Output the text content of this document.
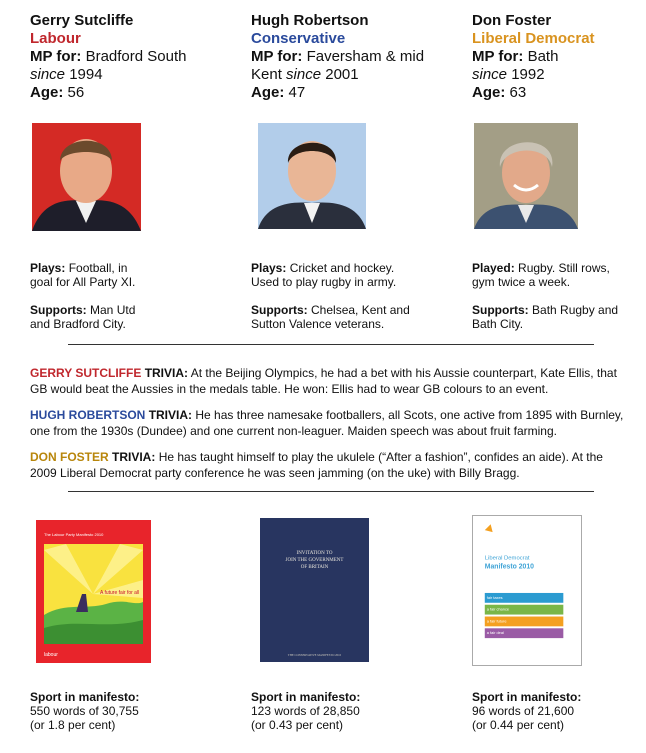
Gerry Sutcliffe
Labour
MP for: Bradford South since 1994
Age: 56
Hugh Robertson
Conservative
MP for: Faversham & mid Kent since 2001
Age: 47
Don Foster
Liberal Democrat
MP for: Bath
since 1992
Age: 63

Plays: Football, in goal for All Party XI.

Supports: Man Utd and Bradford City.

Plays: Cricket and hockey. Used to play rugby in army.

Supports: Chelsea, Kent and Sutton Valence veterans.

Played: Rugby. Still rows, gym twice a week.

Supports: Bath Rugby and Bath City.

GERRY SUTCLIFFE TRIVIA: At the Beijing Olympics, he had a bet with his Aussie counterpart, Kate Ellis, that GB would beat the Aussies in the medals table. He won: Ellis had to wear GB colours to an event.

HUGH ROBERTSON TRIVIA: He has three namesake footballers, all Scots, one active from 1895 with Burnley, one from the 1930s (Dundee) and one current non-leaguer. Maiden speech was about fruit farming.

DON FOSTER TRIVIA: He has taught himself to play the ukulele (“After a fashion”, confides an aide). At the 2009 Liberal Democrat party conference he was seen jamming (on the uke) with Billy Bragg.

The Labour Party Manifesto 2010
A future fair for all
labour
INVITATION TO
JOIN THE GOVERNMENT
OF BRITAIN
THE CONSERVATIVE MANIFESTO 2010
Liberal Democrat
Manifesto 2010
fair taxes
a fair chance
a fair future
a fair deal
Sport in manifesto:
550 words of 30,755
(or 1.8 per cent)
Sport in manifesto:
123 words of 28,850
(or 0.43 per cent)
Sport in manifesto:
96 words of 21,600
(or 0.44 per cent)
